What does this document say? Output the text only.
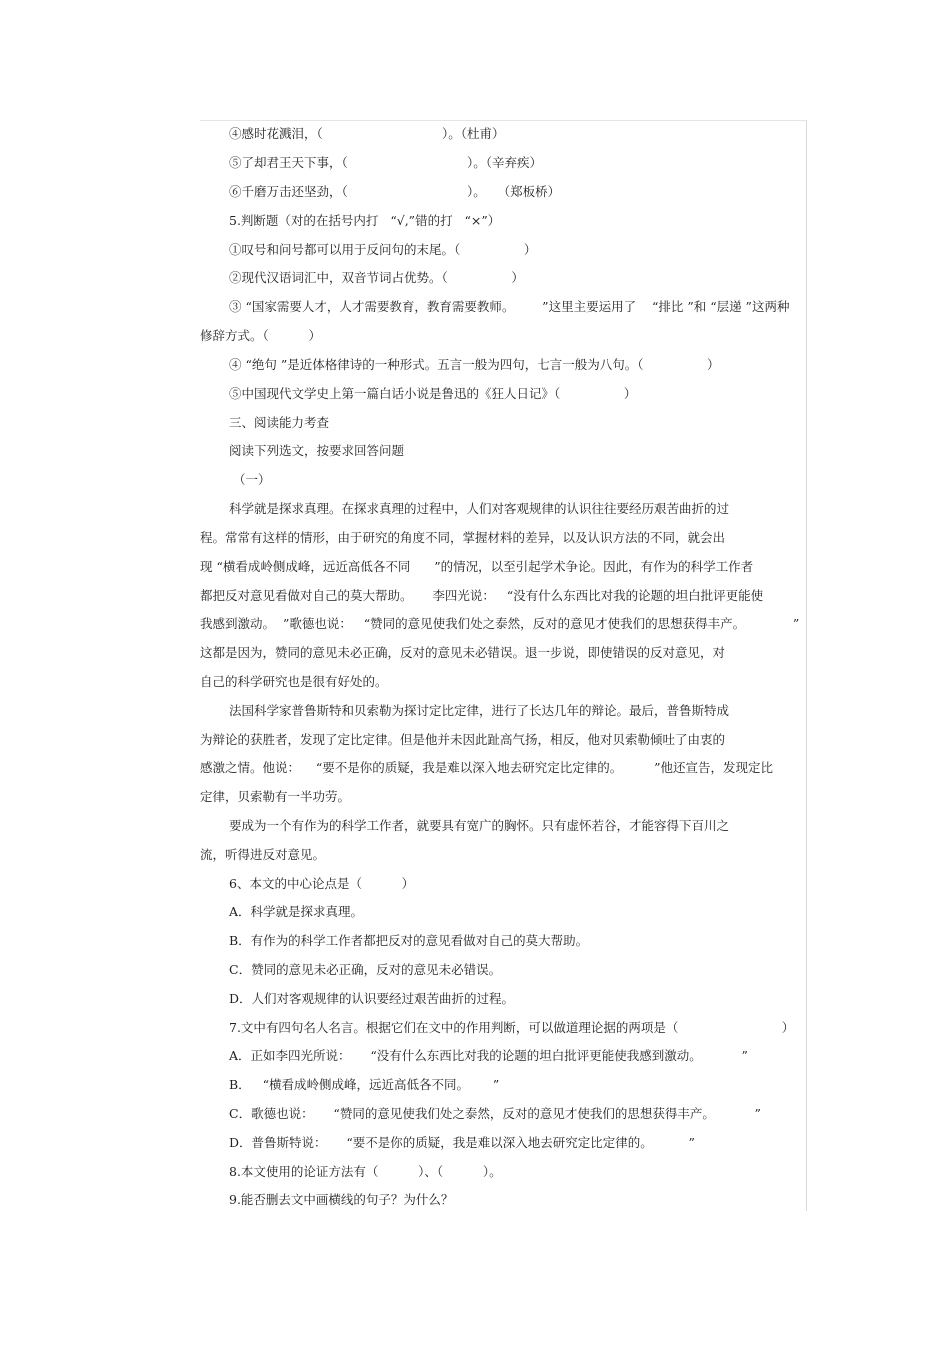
④感时花溅泪，（                              ）。（杜甫）
⑤了却君王天下事，（                              ）。（辛弃疾）
⑥千磨万击还坚劲，（                              ）。   （郑板桥）
5.判断题（对的在括号内打   “√,”错的打   “×”）
①叹号和问号都可以用于反问句的末尾。（                ）
②现代汉语词汇中，双音节词占优势。（                ）
③ “国家需要人才，人才需要教育，教育需要教师。       ”这里主要运用了    “排比 ”和 “层递 ”这两种
修辞方式。（          ）
④ “绝句 ”是近体格律诗的一种形式。五言一般为四句，七言一般为八句。（                ）
⑤中国现代文学史上第一篇白话小说是鲁迅的《狂人日记》（                ）
三、阅读能力考查
阅读下列选文，按要求回答问题
（一）
科学就是探求真理。在探求真理的过程中，人们对客观规律的认识往往要经历艰苦曲折的过
程。常常有这样的情形，由于研究的角度不同，掌握材料的差异，以及认识方法的不同，就会出
现 “横看成岭侧成峰，远近高低各不同      ”的情况，以至引起学术争论。因此，有作为的科学工作者
都把反对意见看做对自己的莫大帮助。     李四光说：   “没有什么东西比对我的论题的坦白批评更能使
我感到激动。  ”歌德也说：   “赞同的意见使我们处之泰然，反对的意见才使我们的思想获得丰产。            ”
这都是因为，赞同的意见未必正确，反对的意见未必错误。退一步说，即使错误的反对意见，对
自己的科学研究也是很有好处的。
法国科学家普鲁斯特和贝索勒为探讨定比定律，进行了长达几年的辩论。最后，普鲁斯特成
为辩论的获胜者，发现了定比定律。但是他并未因此趾高气扬，相反，他对贝索勒倾吐了由衷的
感激之情。他说：    “要不是你的质疑，我是难以深入地去研究定比定律的。        ”他还宣告，发现定比
定律，贝索勒有一半功劳。
要成为一个有作为的科学工作者，就要具有宽广的胸怀。只有虚怀若谷，才能容得下百川之
流，听得进反对意见。
6、本文的中心论点是（          ）
A．科学就是探求真理。
B．有作为的科学工作者都把反对的意见看做对自己的莫大帮助。
C．赞同的意见未必正确，反对的意见未必错误。
D．人们对客观规律的认识要经过艰苦曲折的过程。
7.文中有四句名人名言。根据它们在文中的作用判断，可以做道理论据的两项是（                          ）
A．正如李四光所说：     “没有什么东西比对我的论题的坦白批评更能使我感到激动。          ”
B．   “横看成岭侧成峰，远近高低各不同。      ”
C．歌德也说：     “赞同的意见使我们处之泰然，反对的意见才使我们的思想获得丰产。          ”
D．普鲁斯特说：     “要不是你的质疑，我是难以深入地去研究定比定律的。         ”
8.本文使用的论证方法有（          ）、（          ）。
9.能否删去文中画横线的句子？为什么？
